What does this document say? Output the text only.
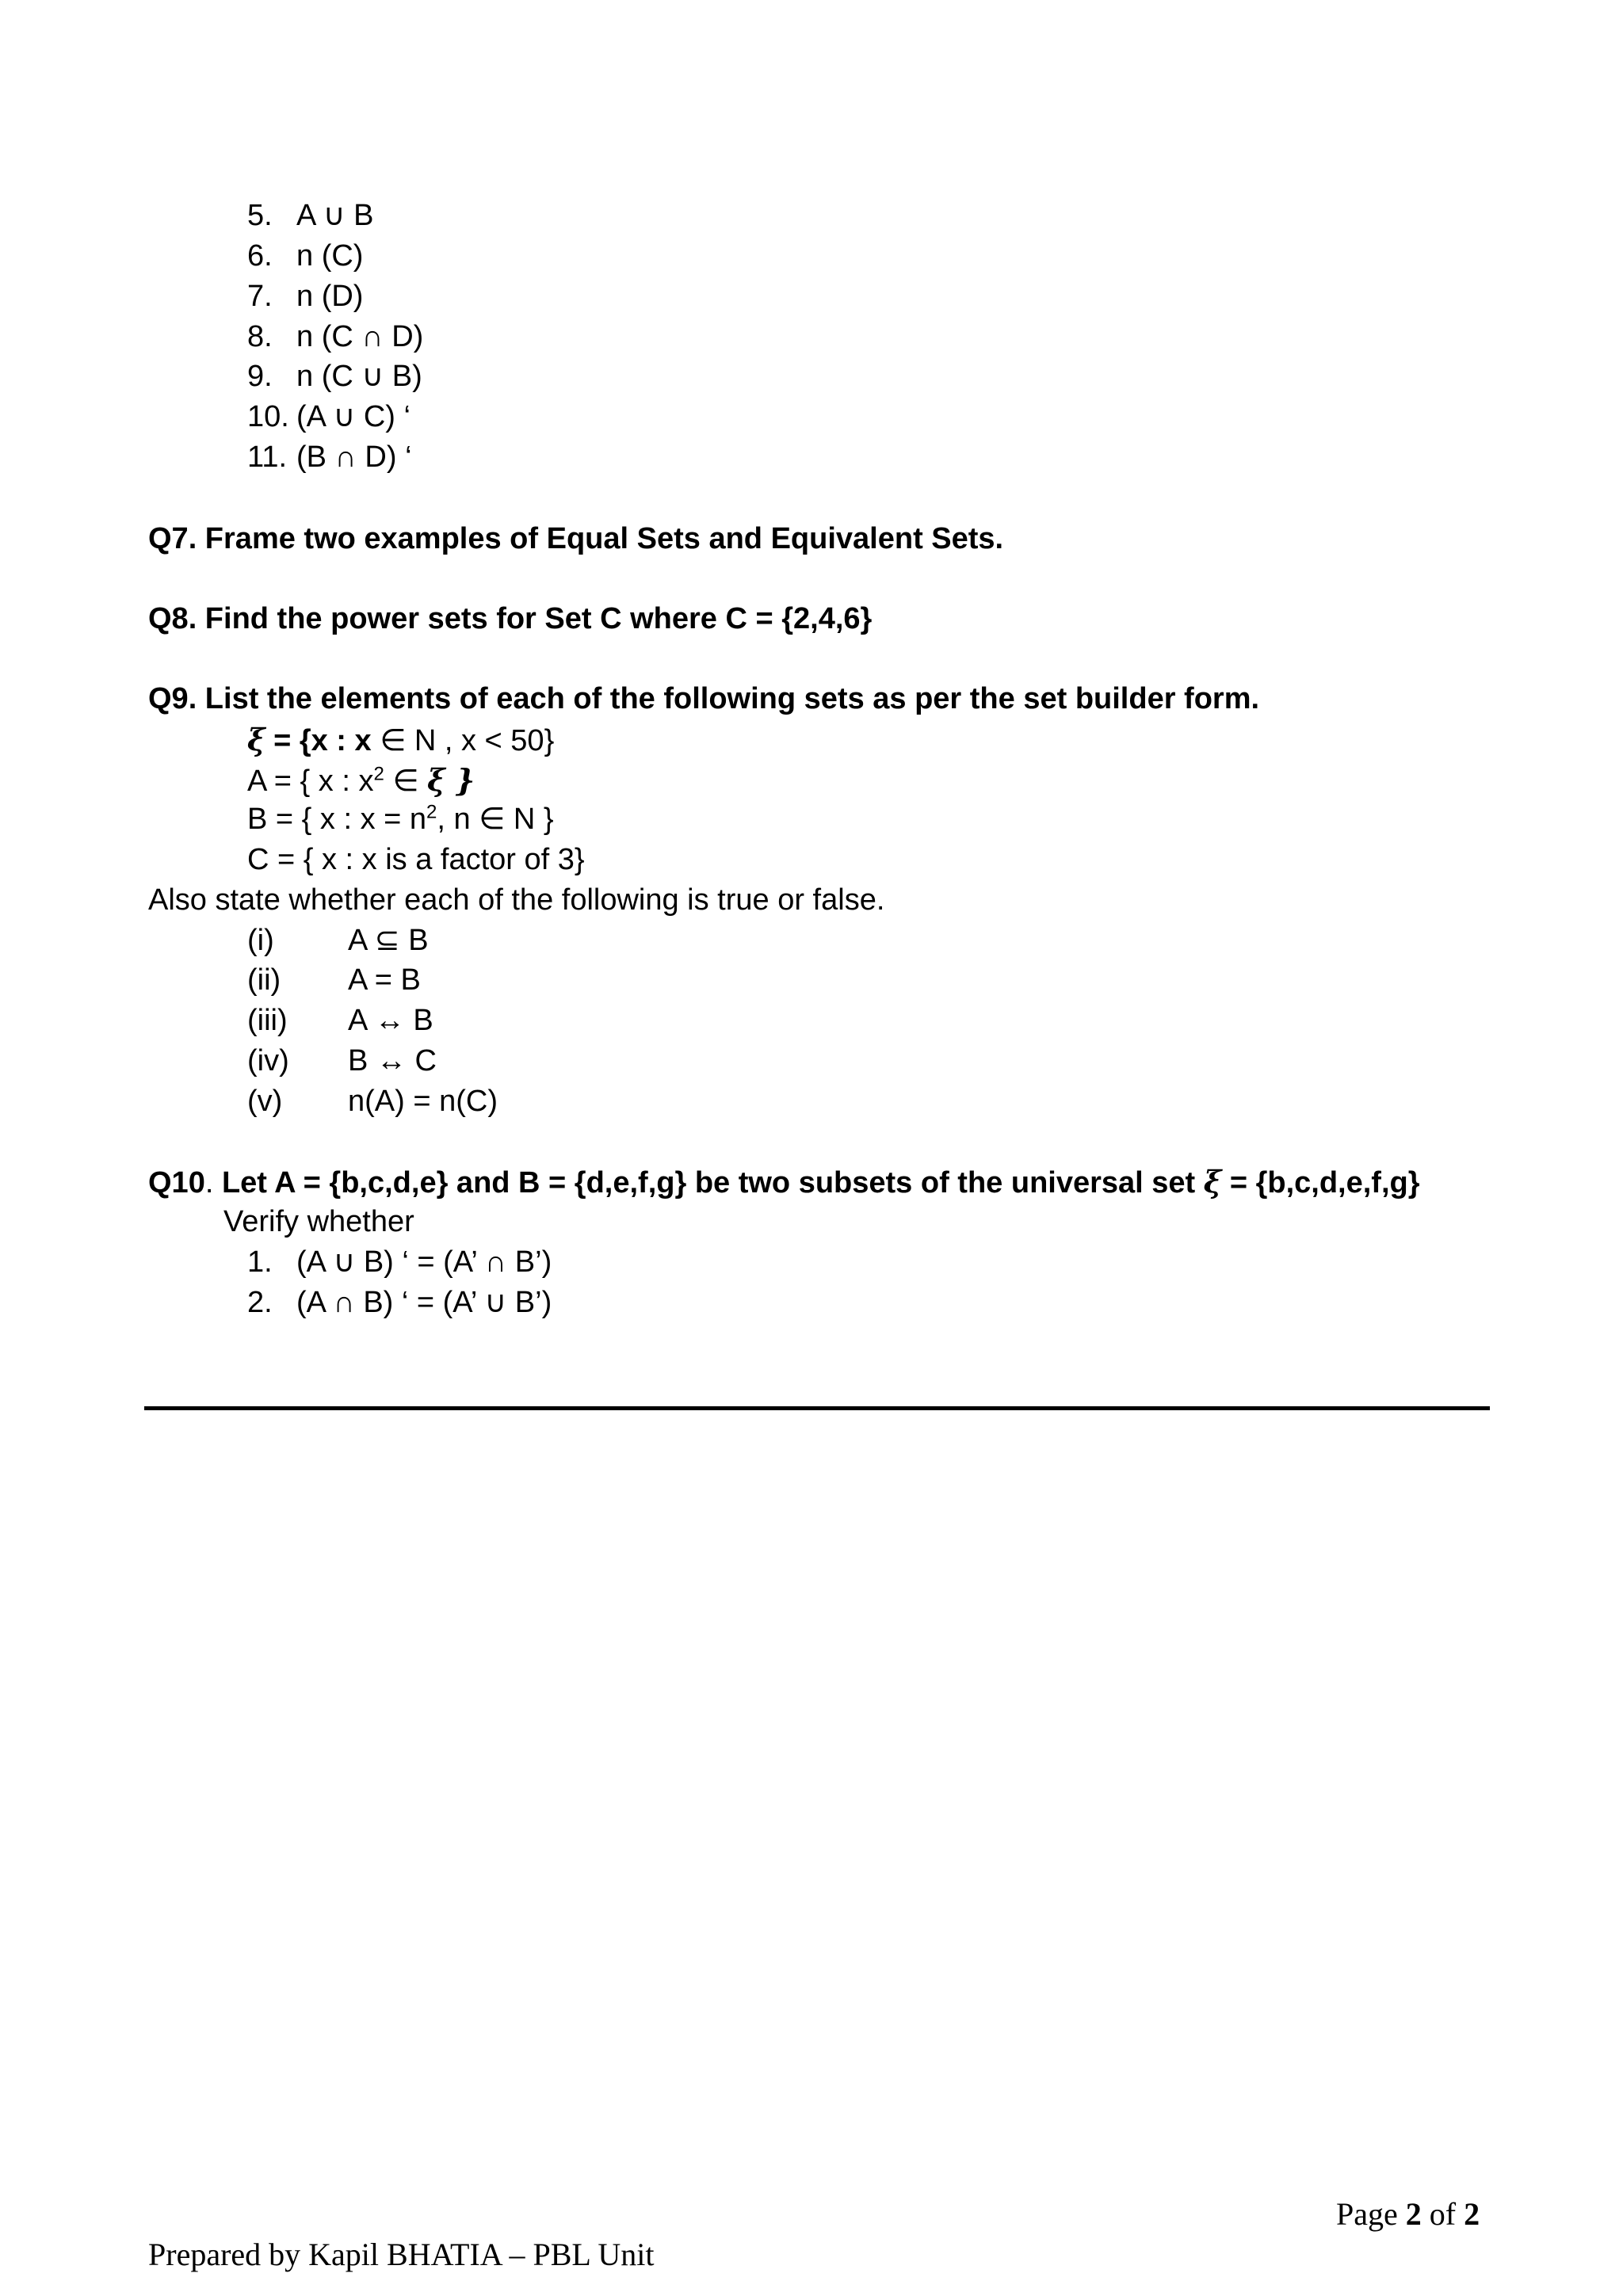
5. A ∪ B
6. n (C)
7. n (D)
8. n (C ∩ D)
9. n (C ∪ B)
10. (A ∪ C) ‘
11. (B ∩ D) ‘
Q7. Frame two examples of Equal Sets and Equivalent Sets.
Q8. Find the power sets for Set C where C = {2,4,6}
Q9. List the elements of each of the following sets as per the set builder form.
ξ = {x : x ∈ N , x < 50}
A = { x : $x^2$ ∈ ξ }
B = { x : $x = n^2$, n ∈ N }
C = { x : x is a factor of 3}
Also state whether each of the following is true or false.
(i) A ⊆ B
(ii) A = B
(iii) A ↔ B
(iv) B ↔ C
(v) n(A) = n(C)
Q10. Let A = {b,c,d,e} and B = {d,e,f,g} be two subsets of the universal set ξ = {b,c,d,e,f,g}
Verify whether
1. (A ∪ B) ‘ = (A’ ∩ B’)
2. (A ∩ B) ‘ = (A’ ∪ B’)
Page 2 of 2
Prepared by Kapil BHATIA – PBL Unit
